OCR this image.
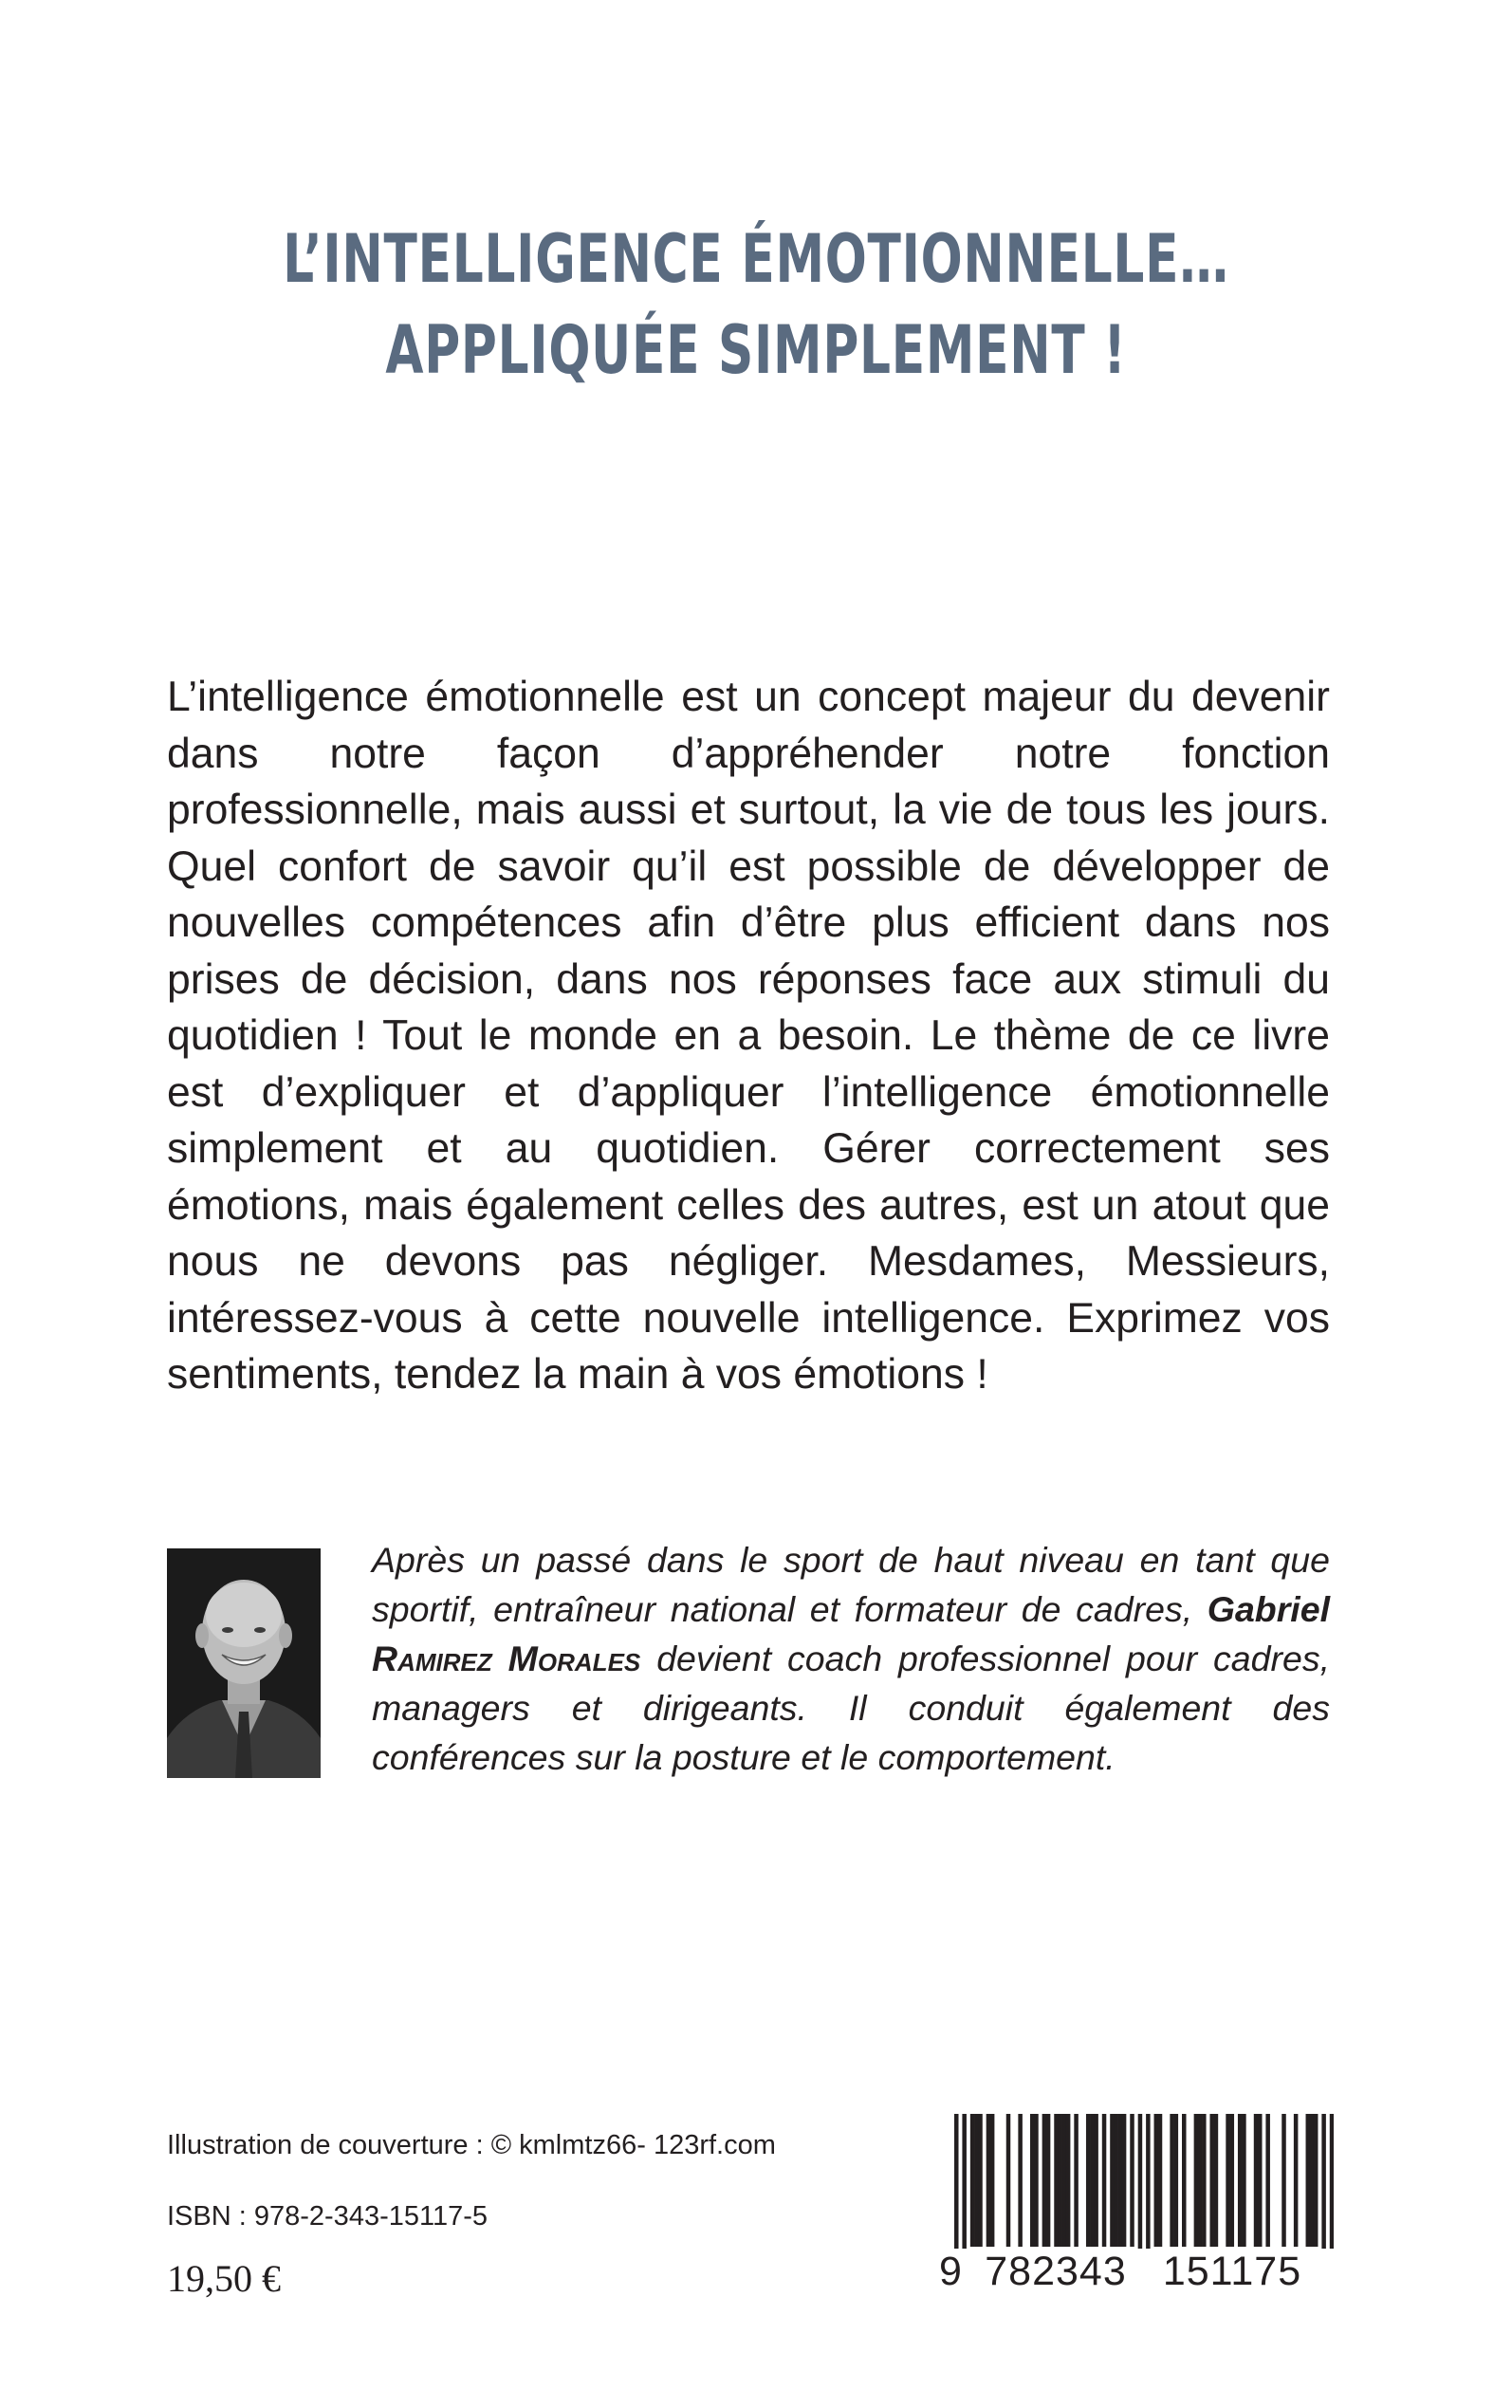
L’INTELLIGENCE ÉMOTIONNELLE…
APPLIQUÉE SIMPLEMENT !
L’intelligence émotionnelle est un concept majeur du devenir dans notre façon d’appréhender notre fonction professionnelle, mais aussi et surtout, la vie de tous les jours. Quel confort de savoir qu’il est possible de développer de nouvelles compétences afin d’être plus efficient dans nos prises de décision, dans nos réponses face aux stimuli du quotidien ! Tout le monde en a besoin. Le thème de ce livre est d’expliquer et d’appliquer l’intelligence émotionnelle simplement et au quotidien. Gérer correctement ses émotions, mais également celles des autres, est un atout que nous ne devons pas négliger. Mesdames, Messieurs, intéressez-vous à cette nouvelle intelligence. Exprimez vos sentiments, tendez la main à vos émotions !
Après un passé dans le sport de haut niveau en tant que sportif, entraîneur national et formateur de cadres, Gabriel Ramirez Morales devient coach professionnel pour cadres, managers et dirigeants. Il conduit également des conférences sur la posture et le comportement.
Illustration de couverture : © kmlmtz66- 123rf.com
ISBN : 978-2-343-15117-5
19,50 €	9 782343 151175
